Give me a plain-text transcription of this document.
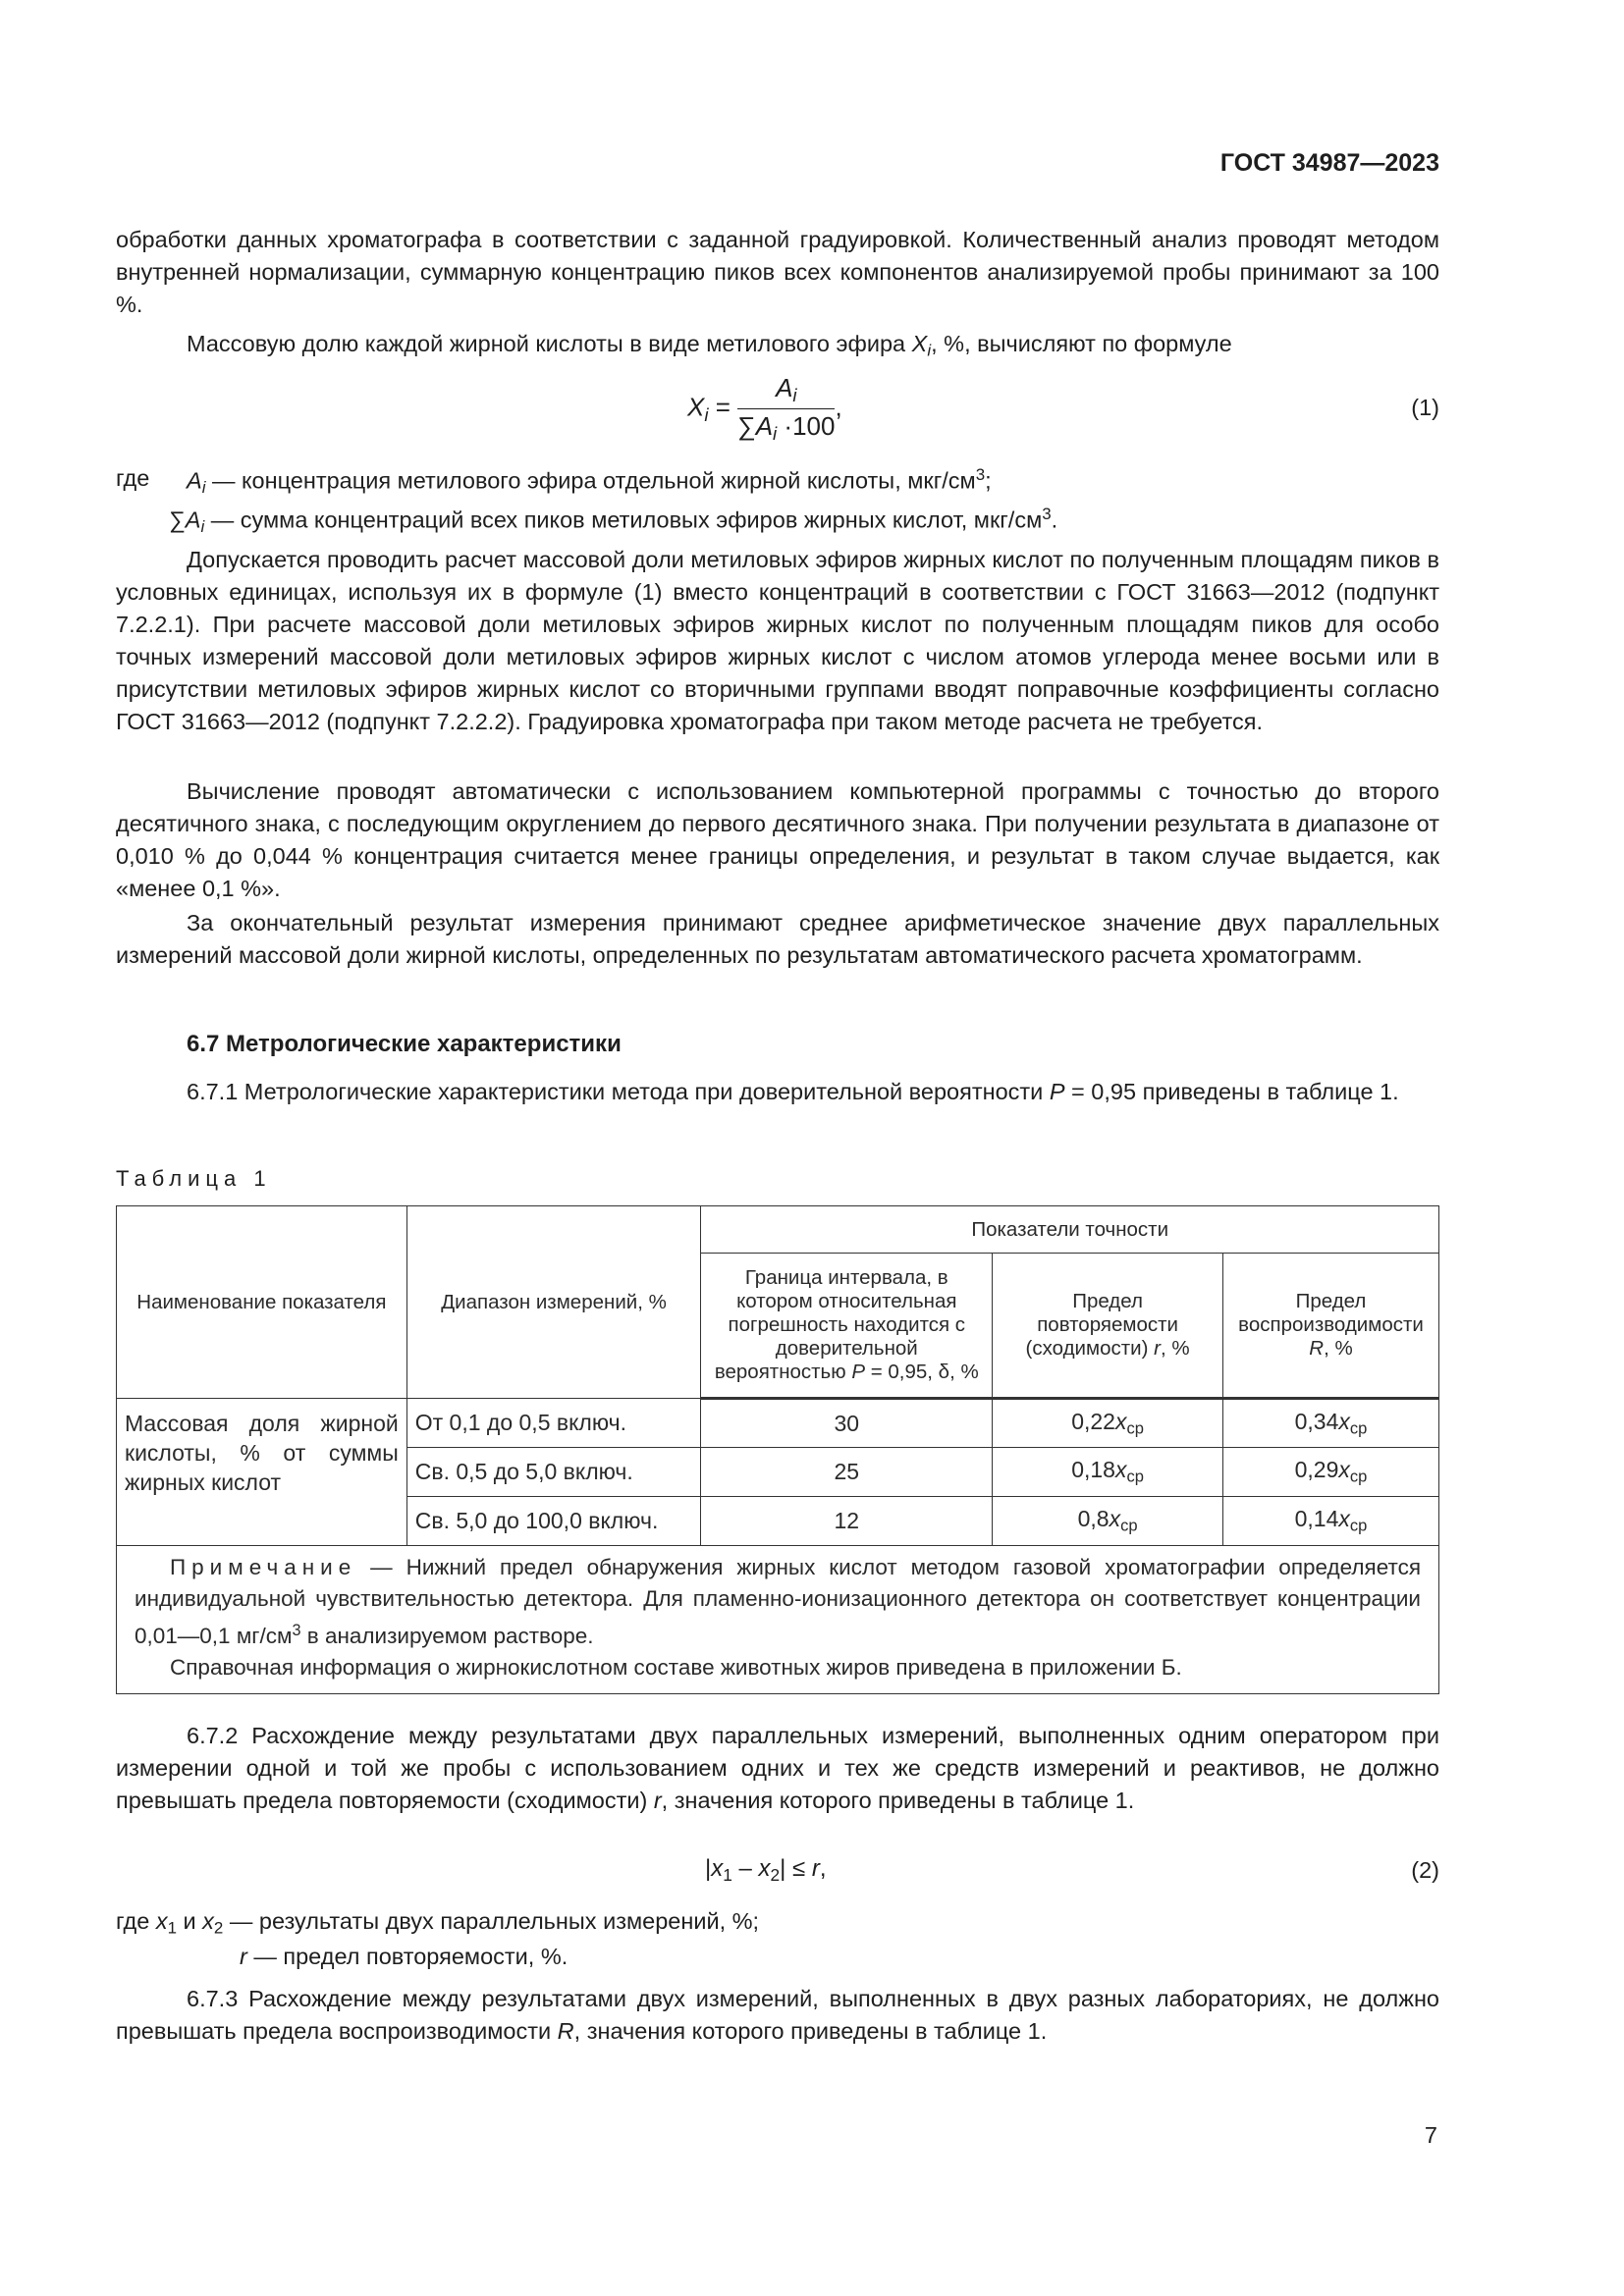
ГОСТ 34987—2023
обработки данных хроматографа в соответствии с заданной градуировкой. Количественный анализ проводят методом внутренней нормализации, суммарную концентрацию пиков всех компонентов анализируемой пробы принимают за 100 %.
Массовую долю каждой жирной кислоты в виде метилового эфира $X_i$, %, вычисляют по формуле
$X_i = \frac{A_i}{\sum A_i \cdot 100}$ ,	(1)
где $A_i$ — концентрация метилового эфира отдельной жирной кислоты, мкг/$см^3$;
$\sum A_i$ — сумма концентраций всех пиков метиловых эфиров жирных кислот, мкг/$см^3$.
Допускается проводить расчет массовой доли метиловых эфиров жирных кислот по полученным площадям пиков в условных единицах, используя их в формуле (1) вместо концентраций в соответствии с ГОСТ 31663—2012 (подпункт 7.2.2.1). При расчете массовой доли метиловых эфиров жирных кислот по полученным площадям пиков для особо точных измерений массовой доли метиловых эфиров жирных кислот с числом атомов углерода менее восьми или в присутствии метиловых эфиров жирных кислот со вторичными группами вводят поправочные коэффициенты согласно ГОСТ 31663—2012 (подпункт 7.2.2.2). Градуировка хроматографа при таком методе расчета не требуется.
Вычисление проводят автоматически с использованием компьютерной программы с точностью до второго десятичного знака, с последующим округлением до первого десятичного знака. При получении результата в диапазоне от 0,010 % до 0,044 % концентрация считается менее границы определения, и результат в таком случае выдается, как «менее 0,1 %».
За окончательный результат измерения принимают среднее арифметическое значение двух параллельных измерений массовой доли жирной кислоты, определенных по результатам автоматического расчета хроматограмм.
6.7 Метрологические характеристики
6.7.1 Метрологические характеристики метода при доверительной вероятности P = 0,95 приведены в таблице 1.
Таблица 1
Наименование показателя	Диапазон измерений, %	Показатели точности		
		Граница интервала, в котором относительная погрешность находится с доверительной вероятностью P = 0,95, δ, %	Предел повторяемости (сходимости) r, %	Предел воспроизводимости R, %
Массовая доля жирной кислоты, % от суммы жирных кислот	От 0,1 до 0,5 включ.	30	$0,22x_{ср}$	$0,34x_{ср}$
	Св. 0,5 до 5,0 включ.	25	$0,18x_{ср}$	$0,29x_{ср}$
	Св. 5,0 до 100,0 включ.	12	$0,8x_{ср}$	$0,14x_{ср}$

Примечание — Нижний предел обнаружения жирных кислот методом газовой хроматографии определяется индивидуальной чувствительностью детектора. Для пламенно-ионизационного детектора он соответствует концентрации 0,01—0,1 $мг/см^3$ в анализируемом растворе.
Справочная информация о жирнокислотном составе животных жиров приведена в приложении Б.				
6.7.2 Расхождение между результатами двух параллельных измерений, выполненных одним оператором при измерении одной и той же пробы с использованием одних и тех же средств измерений и реактивов, не должно превышать предела повторяемости (сходимости) r, значения которого приведены в таблице 1.
$|x_1 - x_2| \le r$,	(2)
где $x_1$ и $x_2$ — результаты двух параллельных измерений, %;
r — предел повторяемости, %.
6.7.3 Расхождение между результатами двух измерений, выполненных в двух разных лабораториях, не должно превышать предела воспроизводимости R, значения которого приведены в таблице 1.
7
